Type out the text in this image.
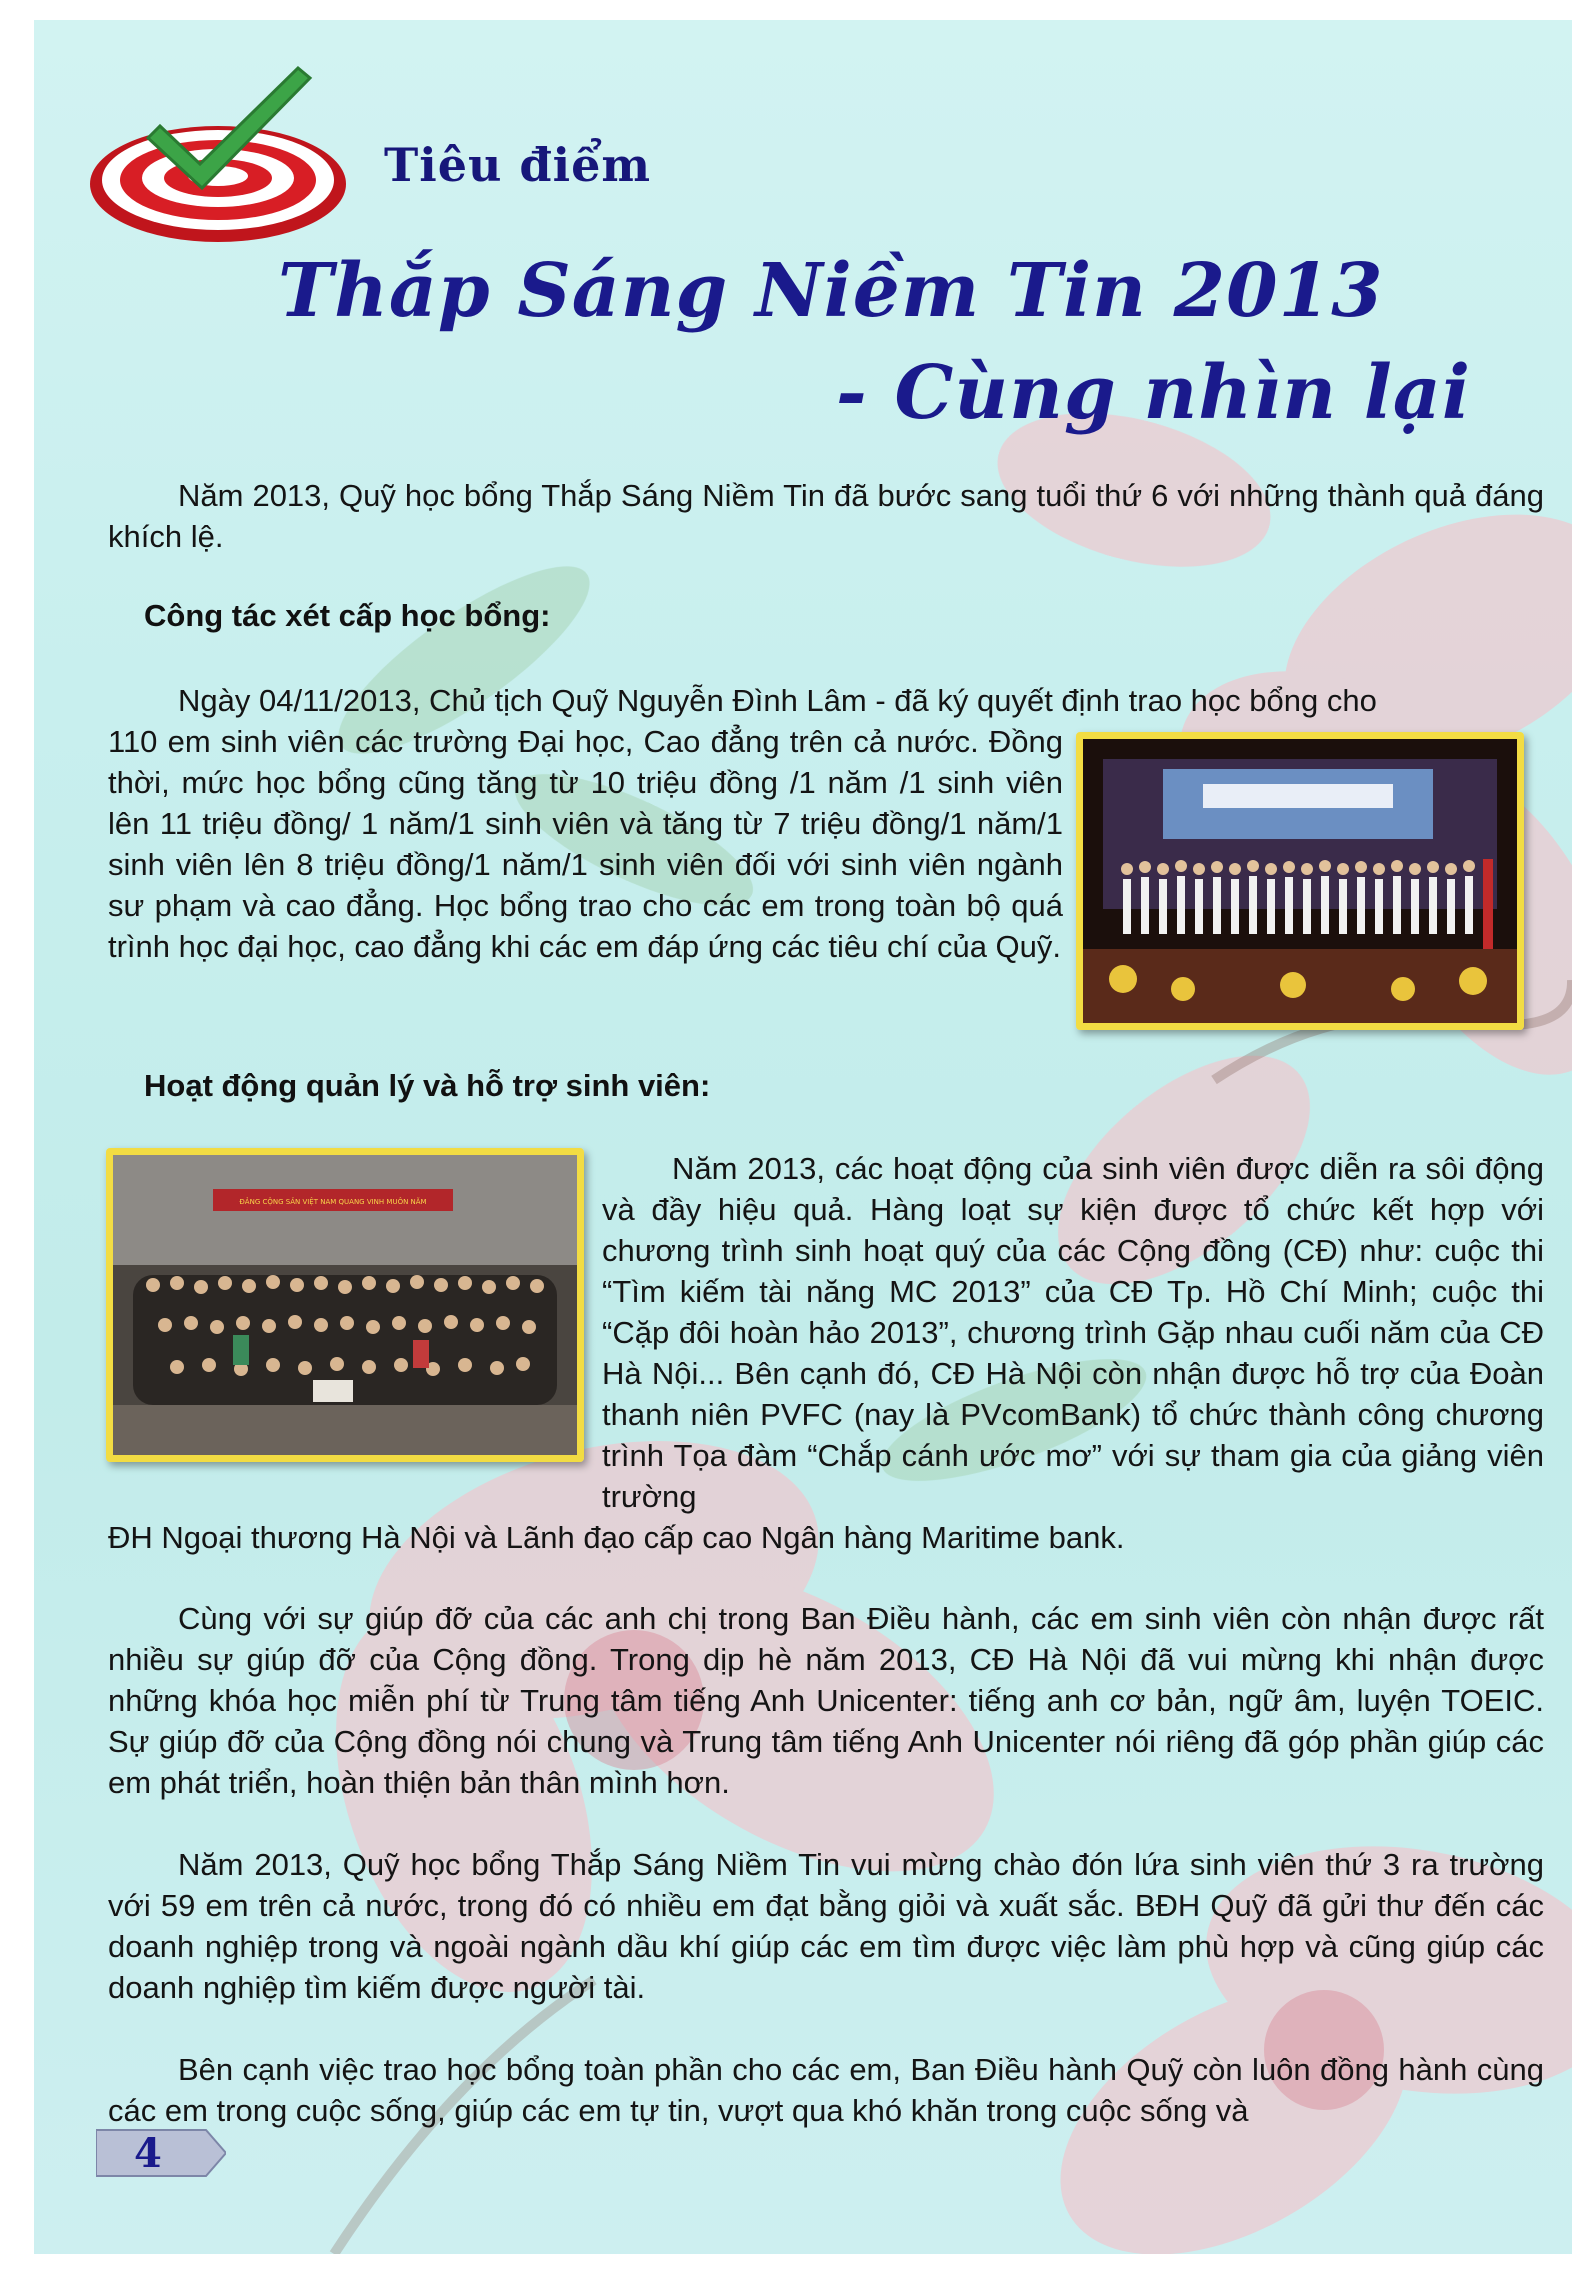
Tiêu điểm

Thắp Sáng Niềm Tin 2013
- Cùng nhìn lại

Năm 2013, Quỹ học bổng Thắp Sáng Niềm Tin đã bước sang tuổi thứ 6 với những thành quả đáng khích lệ.

Công tác xét cấp học bổng:

Ngày 04/11/2013, Chủ tịch Quỹ Nguyễn Đình Lâm - đã ký quyết định trao học bổng cho

110 em sinh viên các trường Đại học, Cao đẳng trên cả nước. Đồng thời, mức học bổng cũng tăng từ 10 triệu đồng /1 năm /1 sinh viên lên 11 triệu đồng/ 1 năm/1 sinh viên và tăng từ 7 triệu đồng/1 năm/1 sinh viên lên 8 triệu đồng/1 năm/1 sinh viên đối với sinh viên ngành sư phạm và cao đẳng. Học bổng trao cho các em trong toàn bộ quá trình học đại học, cao đẳng khi các em đáp ứng các tiêu chí của Quỹ.

Hoạt động quản lý và hỗ trợ sinh viên:

ĐẢNG CỘNG SẢN VIỆT NAM QUANG VINH MUÔN NĂM

Năm 2013, các hoạt động của sinh viên được diễn ra sôi động và đầy hiệu quả. Hàng loạt sự kiện được tổ chức kết hợp với chương trình sinh hoạt quý của các Cộng đồng (CĐ) như: cuộc thi “Tìm kiếm tài năng MC 2013” của CĐ Tp. Hồ Chí Minh; cuộc thi “Cặp đôi hoàn hảo 2013”, chương trình Gặp nhau cuối năm của CĐ Hà Nội... Bên cạnh đó, CĐ Hà Nội còn nhận được hỗ trợ của Đoàn thanh niên PVFC (nay là PVcomBank) tổ chức thành công chương trình Tọa đàm “Chắp cánh ước mơ” với sự tham gia của giảng viên trường

ĐH Ngoại thương Hà Nội và Lãnh đạo cấp cao Ngân hàng Maritime bank.

Cùng với sự giúp đỡ của các anh chị trong Ban Điều hành, các em sinh viên còn nhận được rất nhiều sự giúp đỡ của Cộng đồng. Trong dịp hè năm 2013, CĐ Hà Nội đã vui mừng khi nhận được những khóa học miễn phí từ Trung tâm tiếng Anh Unicenter: tiếng anh cơ bản, ngữ âm, luyện TOEIC. Sự giúp đỡ của Cộng đồng nói chung và Trung tâm tiếng Anh Unicenter nói riêng đã góp phần giúp các em phát triển, hoàn thiện bản thân mình hơn.

Năm 2013, Quỹ học bổng Thắp Sáng Niềm Tin vui mừng chào đón lứa sinh viên thứ 3 ra trường với 59 em trên cả nước, trong đó có nhiều em đạt bằng giỏi và xuất sắc. BĐH Quỹ đã gửi thư đến các doanh nghiệp trong và ngoài ngành dầu khí giúp các em tìm được việc làm phù hợp và cũng giúp các doanh nghiệp tìm kiếm được người tài.

Bên cạnh việc trao học bổng toàn phần cho các em, Ban Điều hành Quỹ còn luôn đồng hành cùng các em trong cuộc sống, giúp các em tự tin, vượt qua khó khăn trong cuộc sống và

4
